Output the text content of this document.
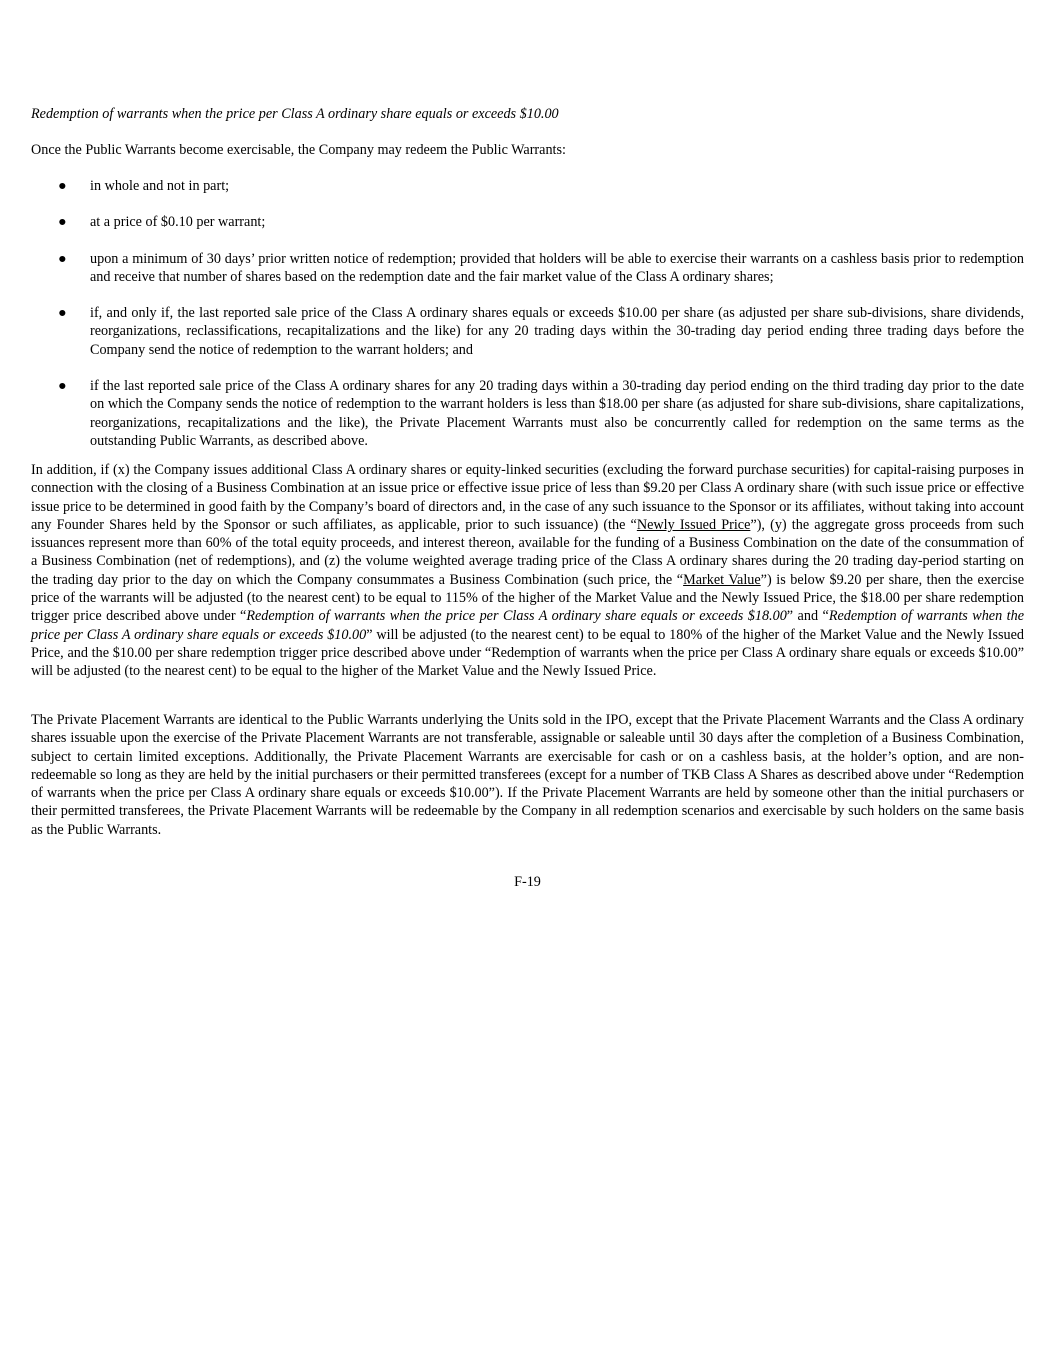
Redemption of warrants when the price per Class A ordinary share equals or exceeds $10.00

Once the Public Warrants become exercisable, the Company may redeem the Public Warrants:

● in whole and not in part;
● at a price of $0.10 per warrant;
● upon a minimum of 30 days’ prior written notice of redemption; provided that holders will be able to exercise their warrants on a cashless basis prior to redemption and receive that number of shares based on the redemption date and the fair market value of the Class A ordinary shares;
● if, and only if, the last reported sale price of the Class A ordinary shares equals or exceeds $10.00 per share (as adjusted per share sub-divisions, share dividends, reorganizations, reclassifications, recapitalizations and the like) for any 20 trading days within the 30-trading day period ending three trading days before the Company send the notice of redemption to the warrant holders; and
● if the last reported sale price of the Class A ordinary shares for any 20 trading days within a 30-trading day period ending on the third trading day prior to the date on which the Company sends the notice of redemption to the warrant holders is less than $18.00 per share (as adjusted for share sub-divisions, share capitalizations, reorganizations, recapitalizations and the like), the Private Placement Warrants must also be concurrently called for redemption on the same terms as the outstanding Public Warrants, as described above.

In addition, if (x) the Company issues additional Class A ordinary shares or equity-linked securities (excluding the forward purchase securities) for capital-raising purposes in connection with the closing of a Business Combination at an issue price or effective issue price of less than $9.20 per Class A ordinary share (with such issue price or effective issue price to be determined in good faith by the Company’s board of directors and, in the case of any such issuance to the Sponsor or its affiliates, without taking into account any Founder Shares held by the Sponsor or such affiliates, as applicable, prior to such issuance) (the “Newly Issued Price”), (y) the aggregate gross proceeds from such issuances represent more than 60% of the total equity proceeds, and interest thereon, available for the funding of a Business Combination on the date of the consummation of a Business Combination (net of redemptions), and (z) the volume weighted average trading price of the Class A ordinary shares during the 20 trading day-period starting on the trading day prior to the day on which the Company consummates a Business Combination (such price, the “Market Value”) is below $9.20 per share, then the exercise price of the warrants will be adjusted (to the nearest cent) to be equal to 115% of the higher of the Market Value and the Newly Issued Price, the $18.00 per share redemption trigger price described above under “Redemption of warrants when the price per Class A ordinary share equals or exceeds $18.00” and “Redemption of warrants when the price per Class A ordinary share equals or exceeds $10.00” will be adjusted (to the nearest cent) to be equal to 180% of the higher of the Market Value and the Newly Issued Price, and the $10.00 per share redemption trigger price described above under “Redemption of warrants when the price per Class A ordinary share equals or exceeds $10.00” will be adjusted (to the nearest cent) to be equal to the higher of the Market Value and the Newly Issued Price.

The Private Placement Warrants are identical to the Public Warrants underlying the Units sold in the IPO, except that the Private Placement Warrants and the Class A ordinary shares issuable upon the exercise of the Private Placement Warrants are not transferable, assignable or saleable until 30 days after the completion of a Business Combination, subject to certain limited exceptions. Additionally, the Private Placement Warrants are exercisable for cash or on a cashless basis, at the holder’s option, and are non-redeemable so long as they are held by the initial purchasers or their permitted transferees (except for a number of TKB Class A Shares as described above under “Redemption of warrants when the price per Class A ordinary share equals or exceeds $10.00”). If the Private Placement Warrants are held by someone other than the initial purchasers or their permitted transferees, the Private Placement Warrants will be redeemable by the Company in all redemption scenarios and exercisable by such holders on the same basis as the Public Warrants.

F-19
